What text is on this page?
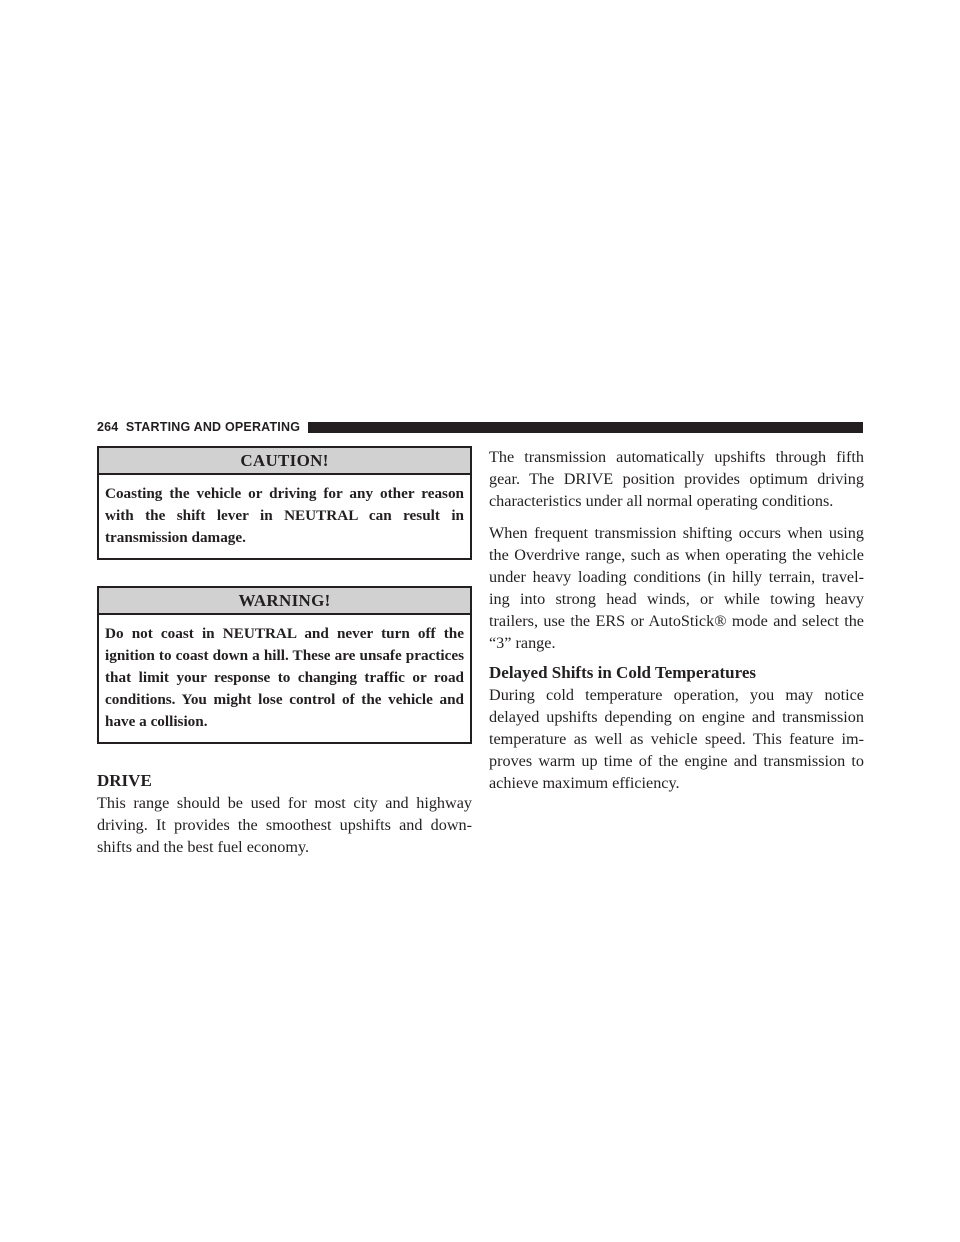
264 STARTING AND OPERATING
CAUTION!
Coasting the vehicle or driving for any other reason with the shift lever in NEUTRAL can result in transmission damage.
WARNING!
Do not coast in NEUTRAL and never turn off the ignition to coast down a hill. These are unsafe practices that limit your response to changing traffic or road conditions. You might lose control of the vehicle and have a collision.
DRIVE

This range should be used for most city and highway driving. It provides the smoothest upshifts and down-shifts and the best fuel economy.

The transmission automatically upshifts through fifth gear. The DRIVE position provides optimum driving characteristics under all normal operating conditions.

When frequent transmission shifting occurs when using the Overdrive range, such as when operating the vehicle under heavy loading conditions (in hilly terrain, travel-ing into strong head winds, or while towing heavy trailers, use the ERS or AutoStick® mode and select the “3” range.

Delayed Shifts in Cold Temperatures

During cold temperature operation, you may notice delayed upshifts depending on engine and transmission temperature as well as vehicle speed. This feature im-proves warm up time of the engine and transmission to achieve maximum efficiency.
